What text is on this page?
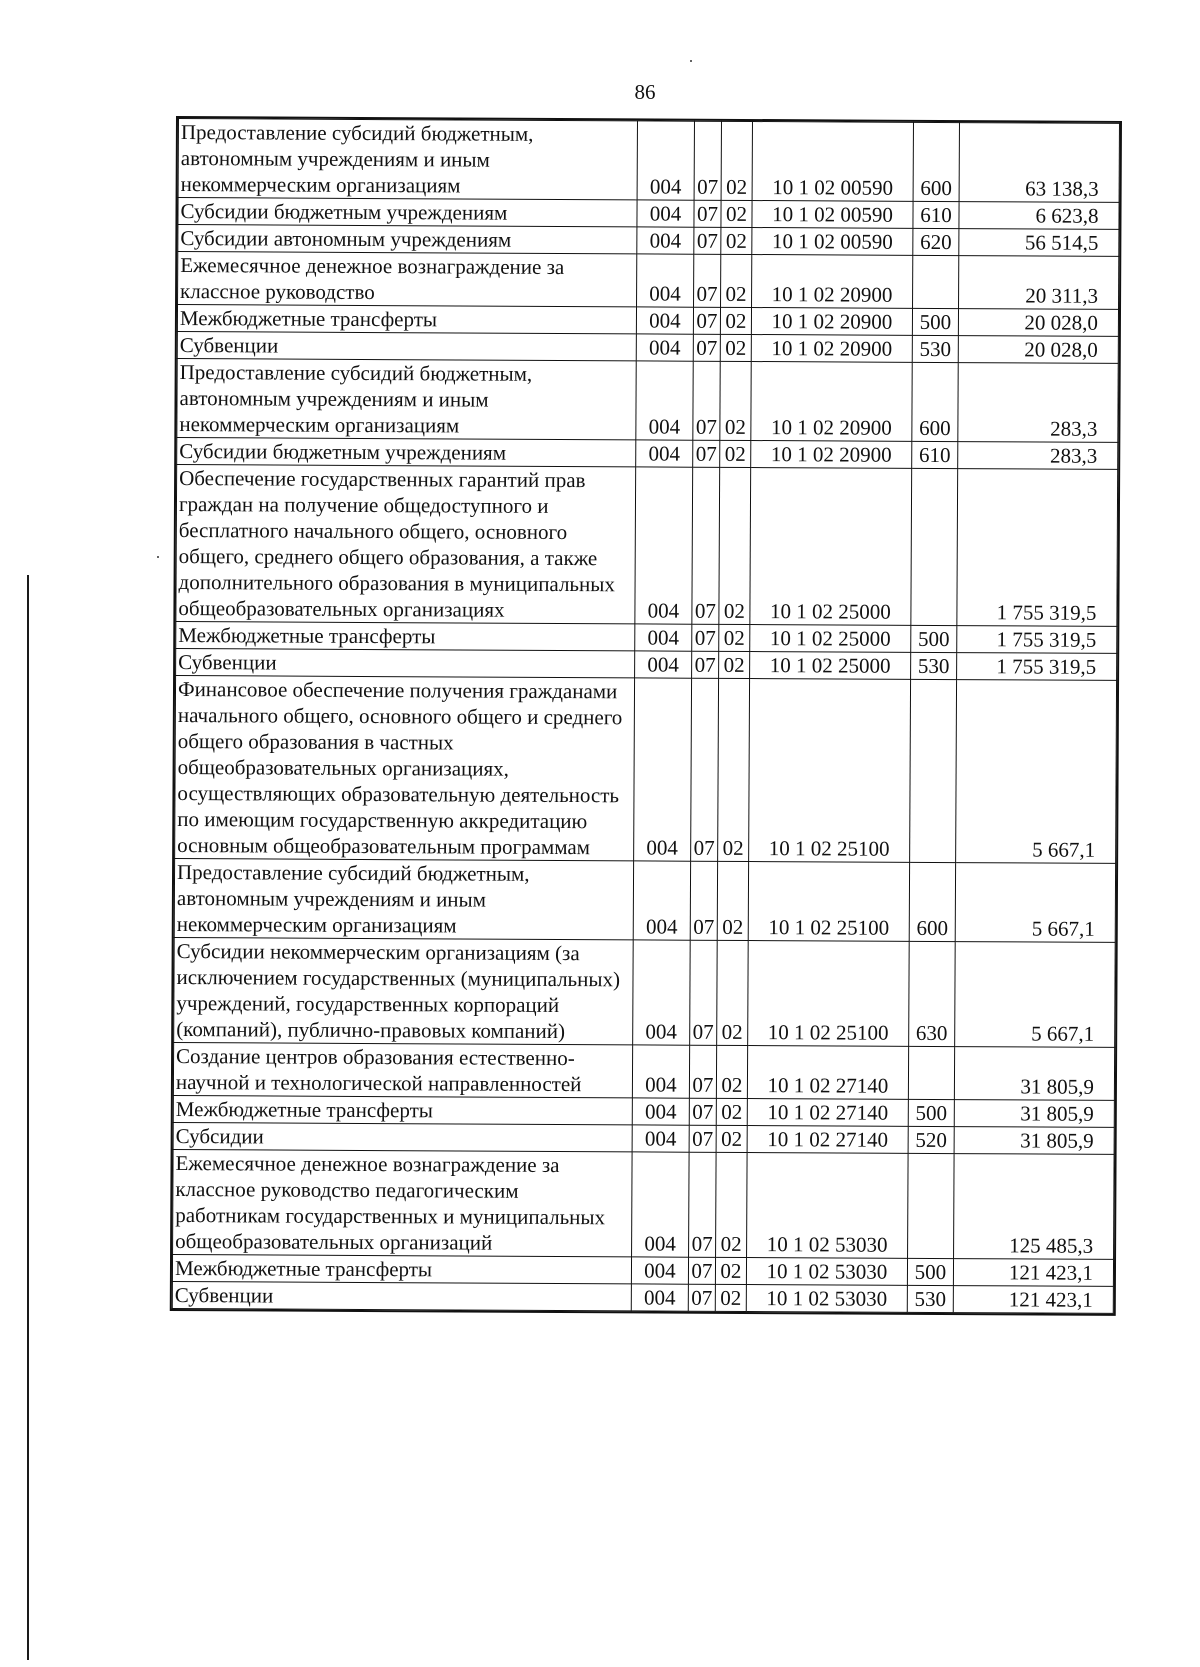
86
Предоставление субсидий бюджетным, автономным учреждениям и иным некоммерческим организациям	004	07	02	10 1 02 00590	600	63 138,3
Субсидии бюджетным учреждениям	004	07	02	10 1 02 00590	610	6 623,8
Субсидии автономным учреждениям	004	07	02	10 1 02 00590	620	56 514,5
Ежемесячное денежное вознаграждение за классное руководство	004	07	02	10 1 02 20900		20 311,3
Межбюджетные трансферты	004	07	02	10 1 02 20900	500	20 028,0
Субвенции	004	07	02	10 1 02 20900	530	20 028,0
Предоставление субсидий бюджетным, автономным учреждениям и иным некоммерческим организациям	004	07	02	10 1 02 20900	600	283,3
Субсидии бюджетным учреждениям	004	07	02	10 1 02 20900	610	283,3
Обеспечение государственных гарантий прав граждан на получение общедоступного и бесплатного начального общего, основного общего, среднего общего образования, а также дополнительного образования в муниципальных общеобразовательных организациях	004	07	02	10 1 02 25000		1 755 319,5
Межбюджетные трансферты	004	07	02	10 1 02 25000	500	1 755 319,5
Субвенции	004	07	02	10 1 02 25000	530	1 755 319,5
Финансовое обеспечение получения гражданами начального общего, основного общего и среднего общего образования в частных общеобразовательных организациях, осуществляющих образовательную деятельность по имеющим государственную аккредитацию основным общеобразовательным программам	004	07	02	10 1 02 25100		5 667,1
Предоставление субсидий бюджетным, автономным учреждениям и иным некоммерческим организациям	004	07	02	10 1 02 25100	600	5 667,1
Субсидии некоммерческим организациям (за исключением государственных (муниципальных) учреждений, государственных корпораций (компаний), публично-правовых компаний)	004	07	02	10 1 02 25100	630	5 667,1
Создание центров образования естественно-научной и технологической направленностей	004	07	02	10 1 02 27140		31 805,9
Межбюджетные трансферты	004	07	02	10 1 02 27140	500	31 805,9
Субсидии	004	07	02	10 1 02 27140	520	31 805,9
Ежемесячное денежное вознаграждение за классное руководство педагогическим работникам государственных и муниципальных общеобразовательных организаций	004	07	02	10 1 02 53030		125 485,3
Межбюджетные трансферты	004	07	02	10 1 02 53030	500	121 423,1
Субвенции	004	07	02	10 1 02 53030	530	121 423,1
